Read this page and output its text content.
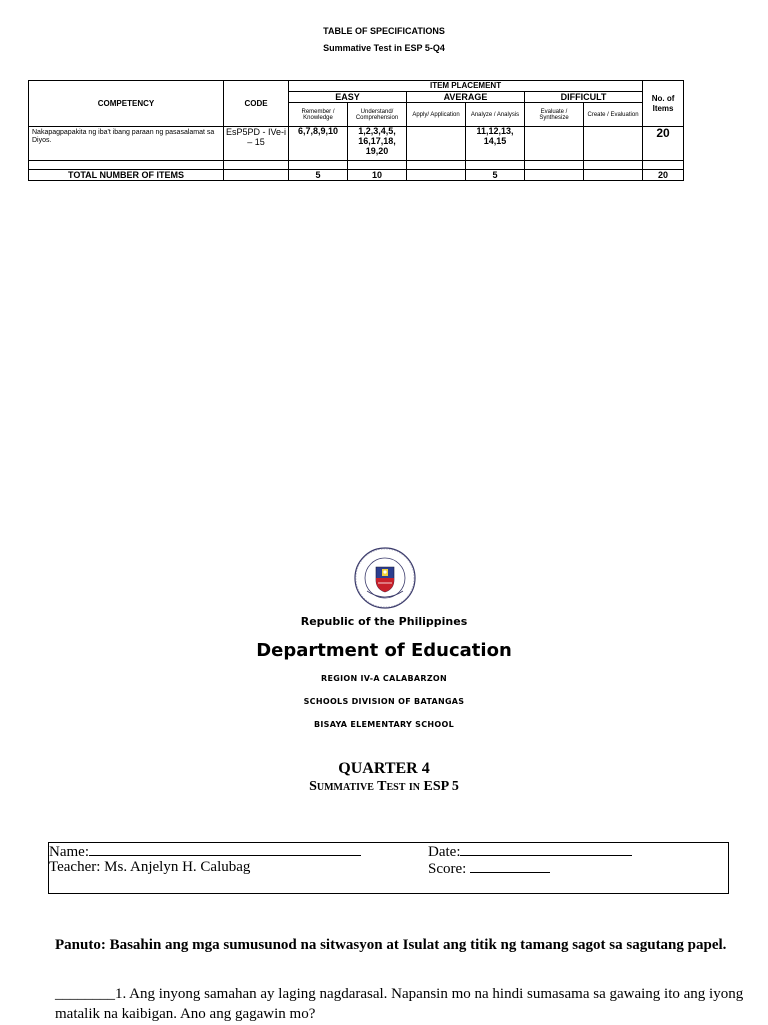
TABLE OF SPECIFICATIONS
Summative Test in ESP 5-Q4
COMPETENCY	CODE	ITEM PLACEMENT						No. of Items
		EASY		AVERAGE		DIFFICULT		
		Remember / Knowledge	Understand/ Comprehension	Apply/ Application	Analyze / Analysis	Evaluate / Synthesize	Create / Evaluation	
Nakapagpapakita ng iba't ibang paraan ng pasasalamat sa Diyos.	EsP5PD - IVe-i – 15	6,7,8,9,10	1,2,3,4,5, 16,17,18, 19,20		11,12,13, 14,15			20

TOTAL NUMBER OF ITEMS		5	10		5			20
Republic of the Philippines
Department of Education
REGION IV-A CALABARZON
SCHOOLS DIVISION OF BATANGAS
BISAYA ELEMENTARY SCHOOL
QUARTER 4
Summative Test in ESP 5
Name:	Date:
Teacher: Ms. Anjelyn H. Calubag	Score:
Panuto: Basahin ang mga sumusunod na sitwasyon at Isulat ang titik ng tamang sagot sa sagutang papel.
________1. Ang inyong samahan ay laging nagdarasal. Napansin mo na hindi sumasama sa gawaing ito ang iyong matalik na kaibigan. Ano ang gagawin mo?
